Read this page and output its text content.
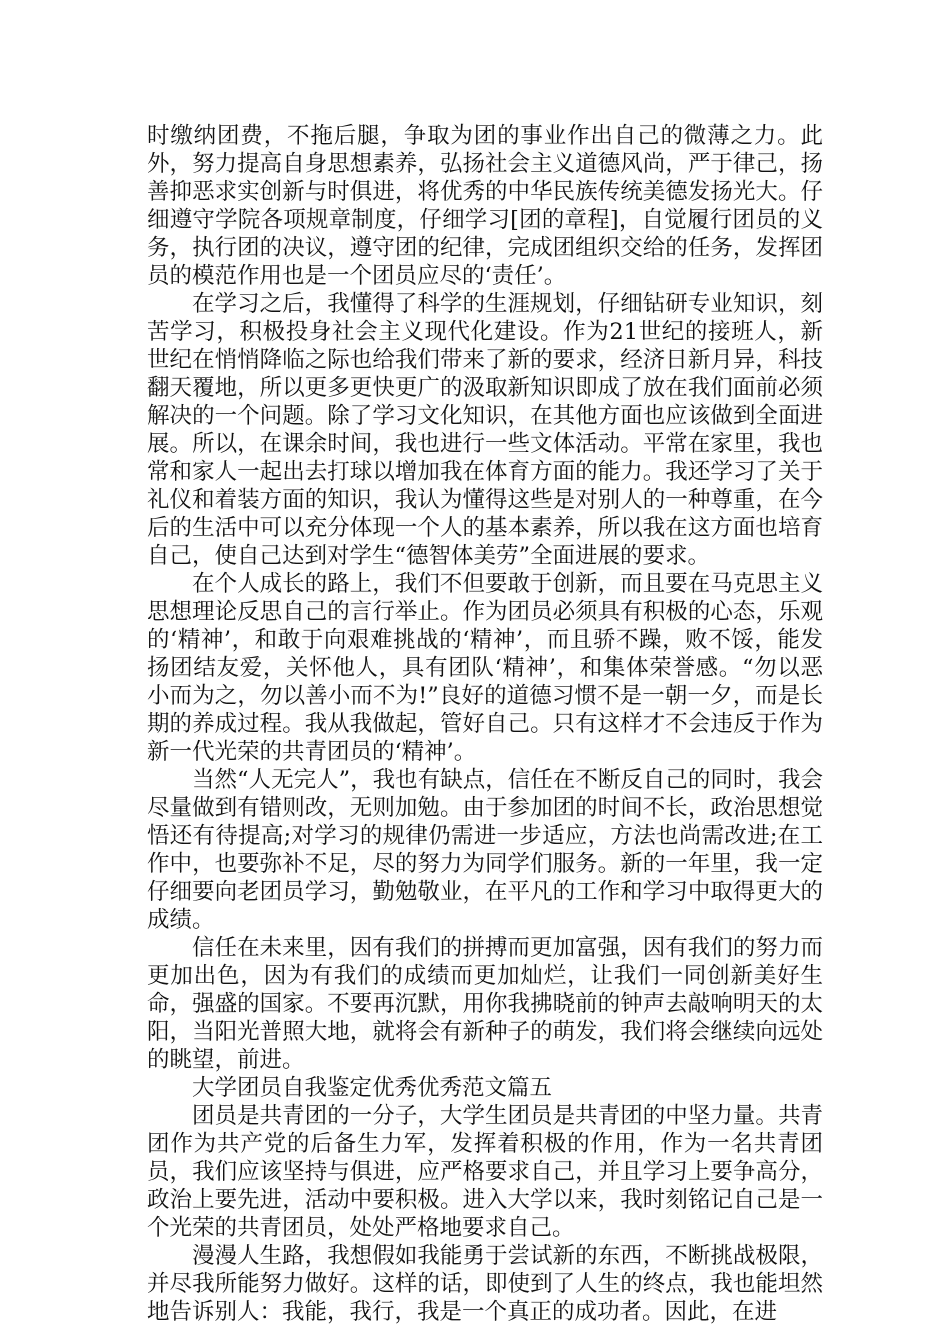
时缴纳团费，不拖后腿，争取为团的事业作出自己的微薄之力。此外，努力提高自身思想素养，弘扬社会主义道德风尚，严于律己，扬善抑恶求实创新与时俱进，将优秀的中华民族传统美德发扬光大。仔细遵守学院各项规章制度，仔细学习[团的章程]，自觉履行团员的义务，执行团的决议，遵守团的纪律，完成团组织交给的任务，发挥团员的模范作用也是一个团员应尽的‘责任’。

在学习之后，我懂得了科学的生涯规划，仔细钻研专业知识，刻苦学习，积极投身社会主义现代化建设。作为21世纪的接班人，新世纪在悄悄降临之际也给我们带来了新的要求，经济日新月异，科技翻天覆地，所以更多更快更广的汲取新知识即成了放在我们面前必须解决的一个问题。除了学习文化知识，在其他方面也应该做到全面进展。所以，在课余时间，我也进行一些文体活动。平常在家里，我也常和家人一起出去打球以增加我在体育方面的能力。我还学习了关于礼仪和着装方面的知识，我认为懂得这些是对别人的一种尊重，在今后的生活中可以充分体现一个人的基本素养，所以我在这方面也培育自己，使自己达到对学生“德智体美劳”全面进展的要求。

在个人成长的路上，我们不但要敢于创新，而且要在马克思主义思想理论反思自己的言行举止。作为团员必须具有积极的心态，乐观的‘精神’，和敢于向艰难挑战的‘精神’，而且骄不躁，败不馁，能发扬团结友爱，关怀他人，具有团队‘精神’，和集体荣誉感。“勿以恶小而为之，勿以善小而不为!”良好的道德习惯不是一朝一夕，而是长期的养成过程。我从我做起，管好自己。只有这样才不会违反于作为新一代光荣的共青团员的‘精神’。

当然“人无完人”，我也有缺点，信任在不断反自己的同时，我会尽量做到有错则改，无则加勉。由于参加团的时间不长，政治思想觉悟还有待提高;对学习的规律仍需进一步适应，方法也尚需改进;在工作中，也要弥补不足，尽的努力为同学们服务。新的一年里，我一定仔细要向老团员学习，勤勉敬业，在平凡的工作和学习中取得更大的成绩。

信任在未来里，因有我们的拼搏而更加富强，因有我们的努力而更加出色，因为有我们的成绩而更加灿烂，让我们一同创新美好生命，强盛的国家。不要再沉默，用你我拂晓前的钟声去敲响明天的太阳，当阳光普照大地，就将会有新种子的萌发，我们将会继续向远处的眺望，前进。

大学团员自我鉴定优秀优秀范文篇五

团员是共青团的一分子，大学生团员是共青团的中坚力量。共青团作为共产党的后备生力军，发挥着积极的作用，作为一名共青团员，我们应该坚持与俱进，应严格要求自己，并且学习上要争高分，政治上要先进，活动中要积极。进入大学以来，我时刻铭记自己是一个光荣的共青团员，处处严格地要求自己。

漫漫人生路，我想假如我能勇于尝试新的东西，不断挑战极限，并尽我所能努力做好。这样的话，即使到了人生的终点，我也能坦然地告诉别人：我能，我行，我是一个真正的成功者。因此，在进
